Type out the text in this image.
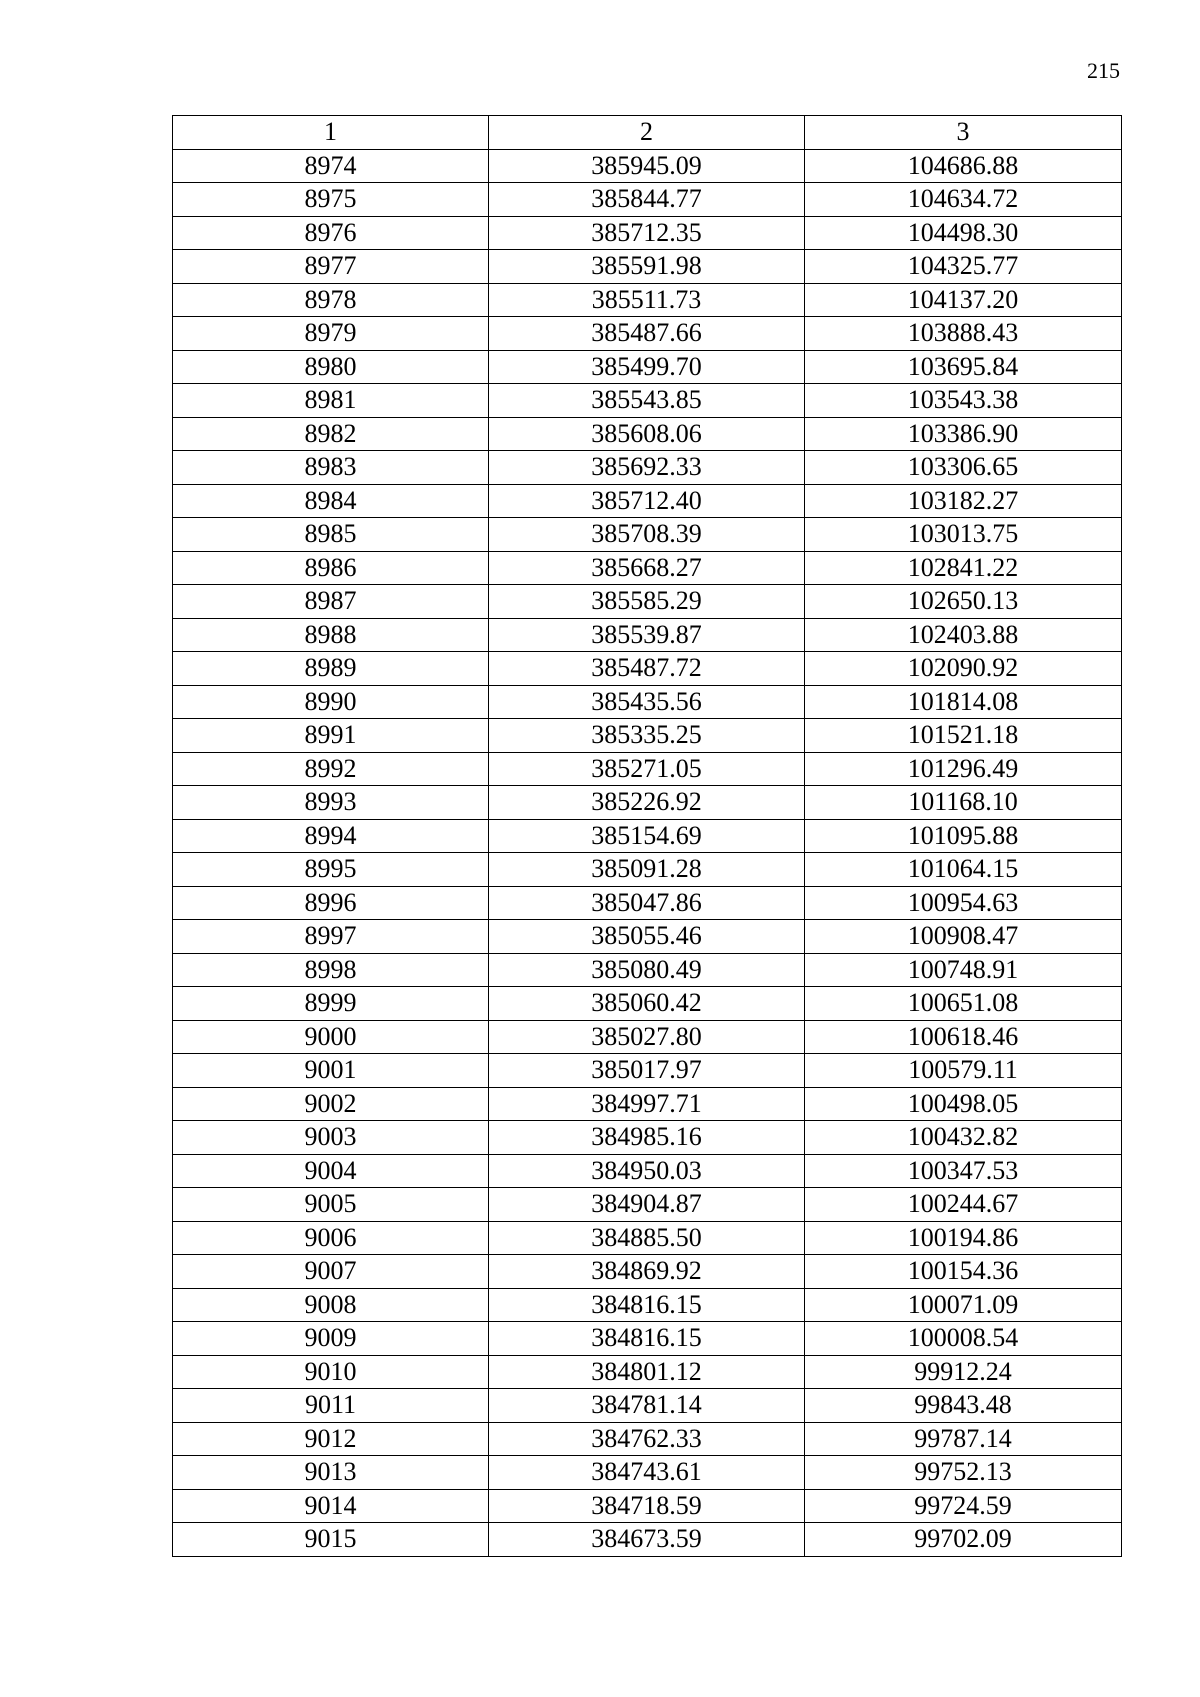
215
1	2	3
8974	385945.09	104686.88
8975	385844.77	104634.72
8976	385712.35	104498.30
8977	385591.98	104325.77
8978	385511.73	104137.20
8979	385487.66	103888.43
8980	385499.70	103695.84
8981	385543.85	103543.38
8982	385608.06	103386.90
8983	385692.33	103306.65
8984	385712.40	103182.27
8985	385708.39	103013.75
8986	385668.27	102841.22
8987	385585.29	102650.13
8988	385539.87	102403.88
8989	385487.72	102090.92
8990	385435.56	101814.08
8991	385335.25	101521.18
8992	385271.05	101296.49
8993	385226.92	101168.10
8994	385154.69	101095.88
8995	385091.28	101064.15
8996	385047.86	100954.63
8997	385055.46	100908.47
8998	385080.49	100748.91
8999	385060.42	100651.08
9000	385027.80	100618.46
9001	385017.97	100579.11
9002	384997.71	100498.05
9003	384985.16	100432.82
9004	384950.03	100347.53
9005	384904.87	100244.67
9006	384885.50	100194.86
9007	384869.92	100154.36
9008	384816.15	100071.09
9009	384816.15	100008.54
9010	384801.12	99912.24
9011	384781.14	99843.48
9012	384762.33	99787.14
9013	384743.61	99752.13
9014	384718.59	99724.59
9015	384673.59	99702.09
